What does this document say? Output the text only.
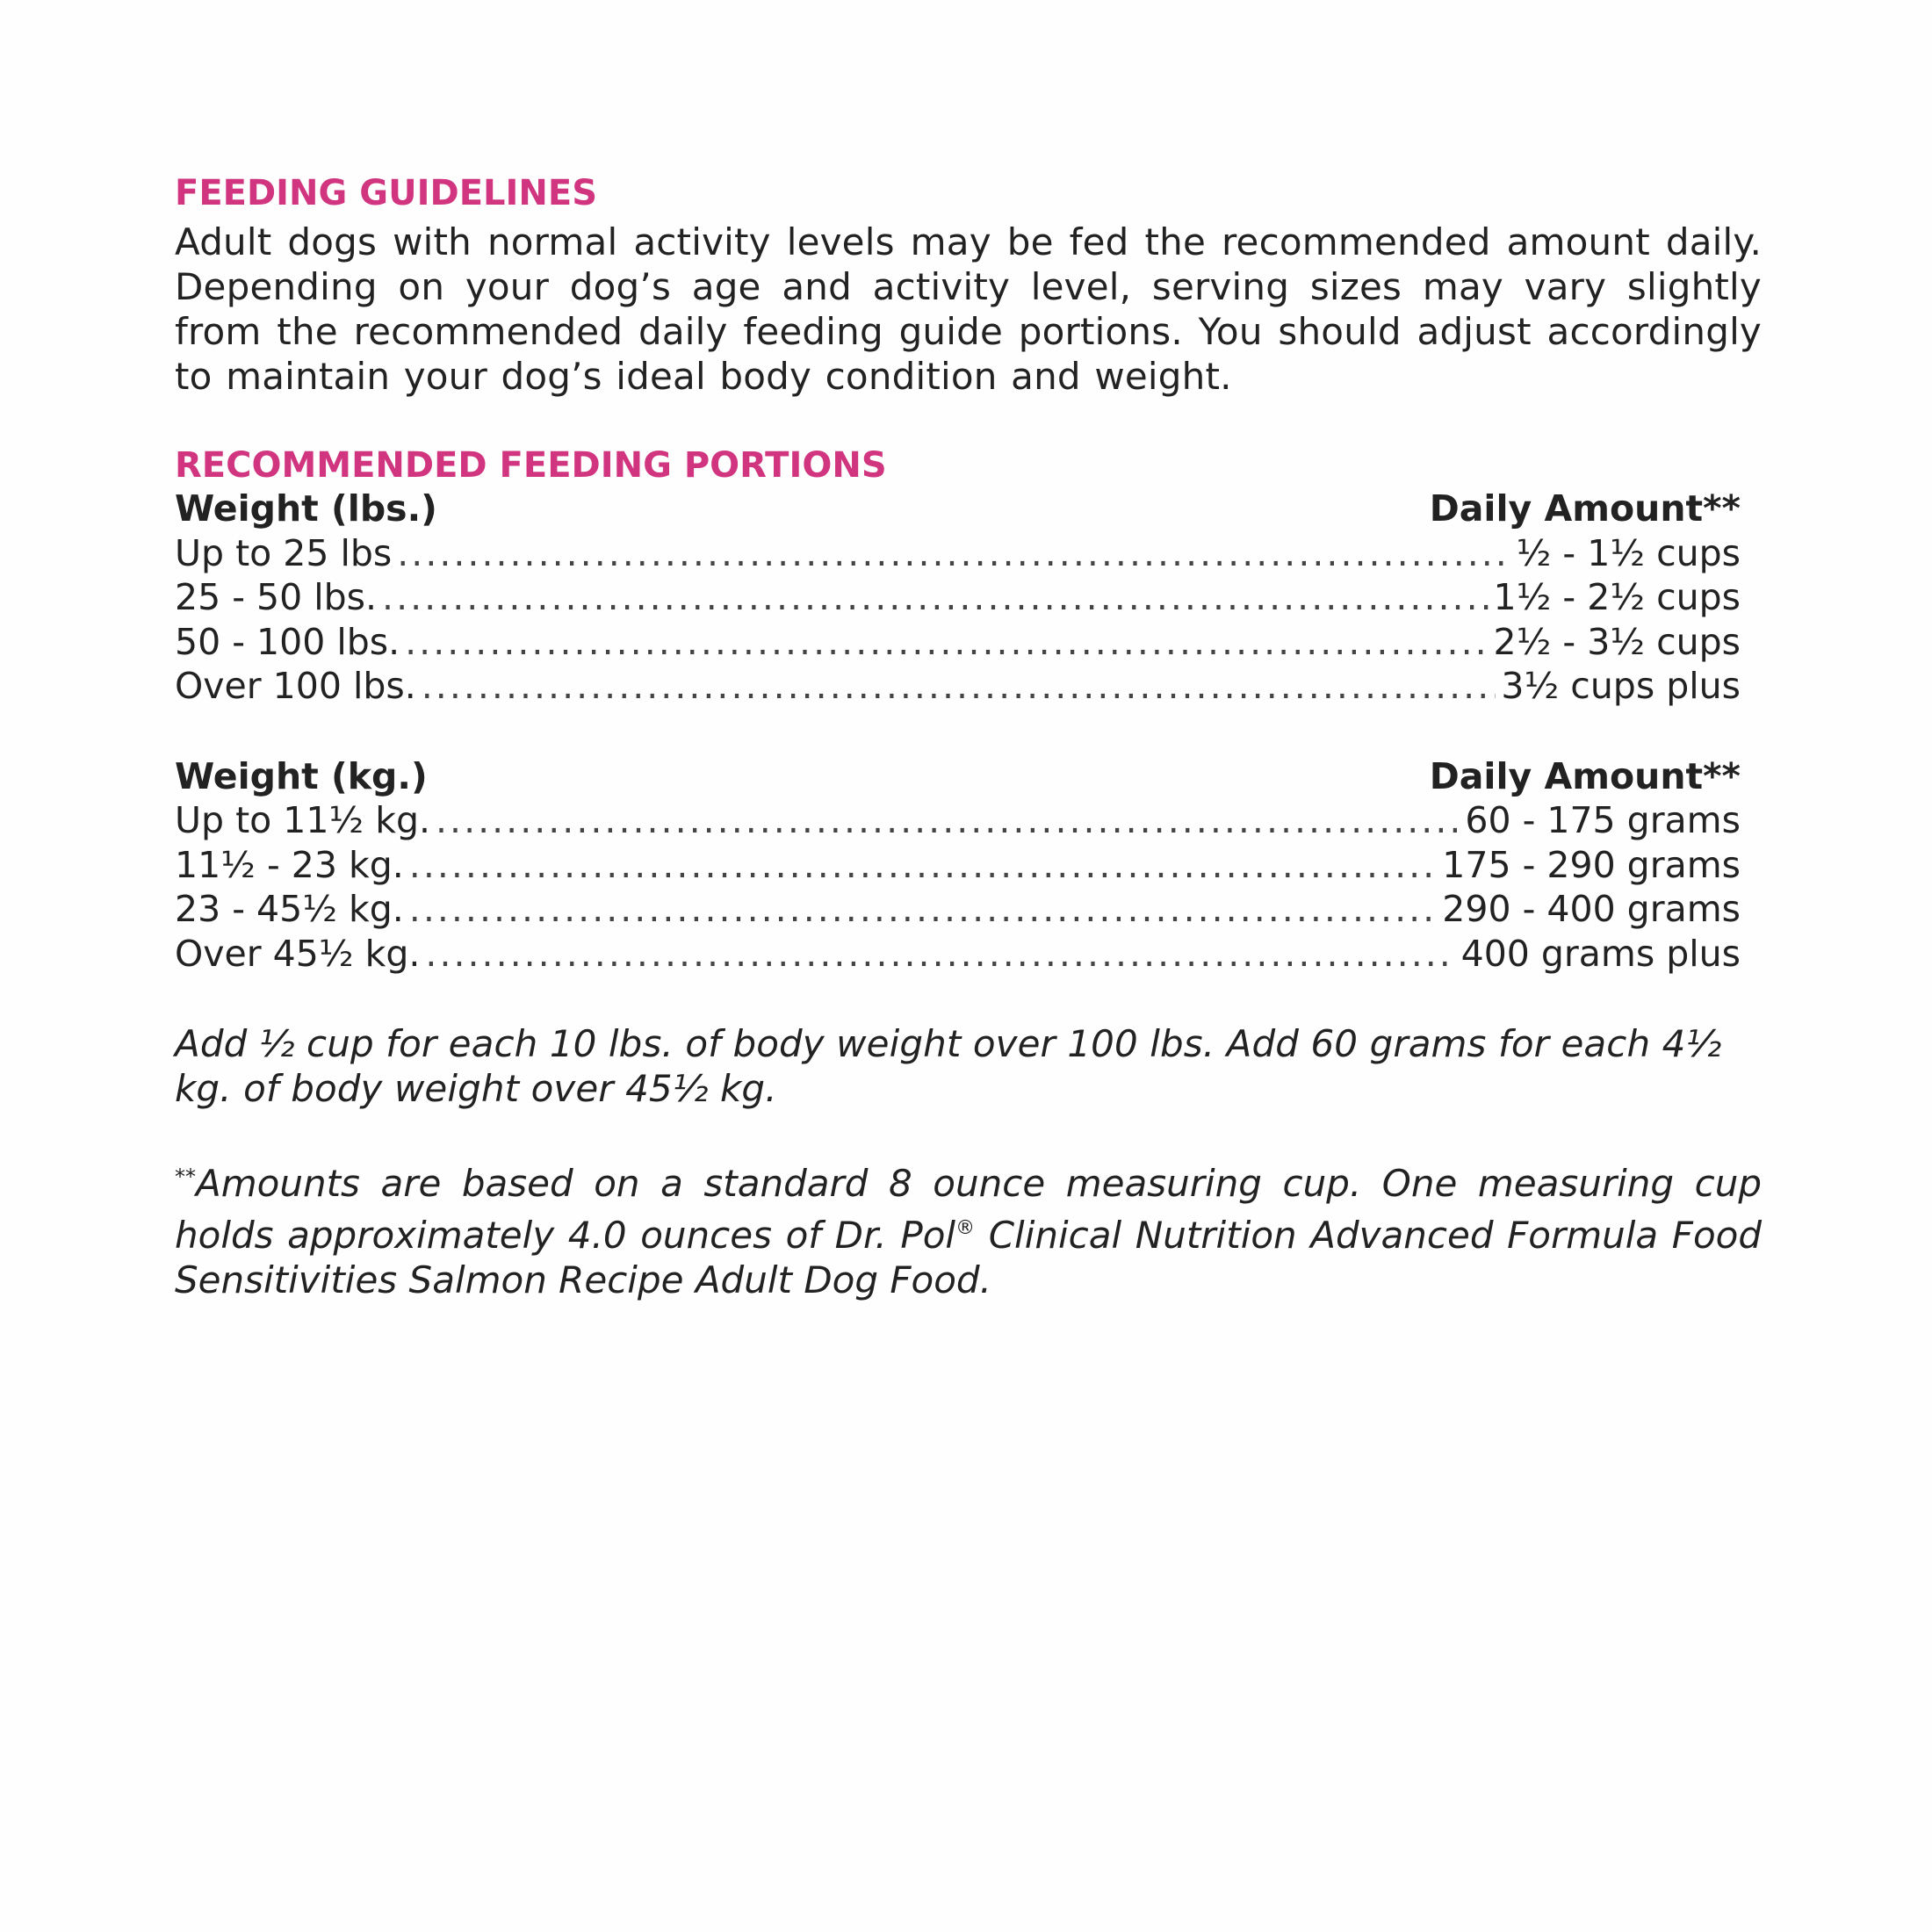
FEEDING GUIDELINES

Adult dogs with normal activity levels may be fed the recommended amount daily. Depending on your dog’s age and activity level, serving sizes may vary slightly from the recommended daily feeding guide portions. You should adjust accordingly to maintain your dog’s ideal body condition and weight.

RECOMMENDED FEEDING PORTIONS
Weight (lbs.)	Daily Amount**
Up to 25 lbs .....	½ - 1½ cups
25 - 50 lbs. .....	1½ - 2½ cups
50 - 100 lbs. .....	2½ - 3½ cups
Over 100 lbs. .....	3½ cups plus
Weight (kg.)	Daily Amount**
Up to 11½ kg. .....	60 - 175 grams
11½ - 23 kg. .....	175 - 290 grams
23 - 45½ kg. .....	290 - 400 grams
Over 45½ kg. .....	400 grams plus

Add ½ cup for each 10 lbs. of body weight over 100 lbs. Add 60 grams for each 4½ kg. of body weight over 45½ kg.

**Amounts are based on a standard 8 ounce measuring cup. One measuring cup holds approximately 4.0 ounces of Dr. Pol® Clinical Nutrition Advanced Formula Food Sensitivities Salmon Recipe Adult Dog Food.
